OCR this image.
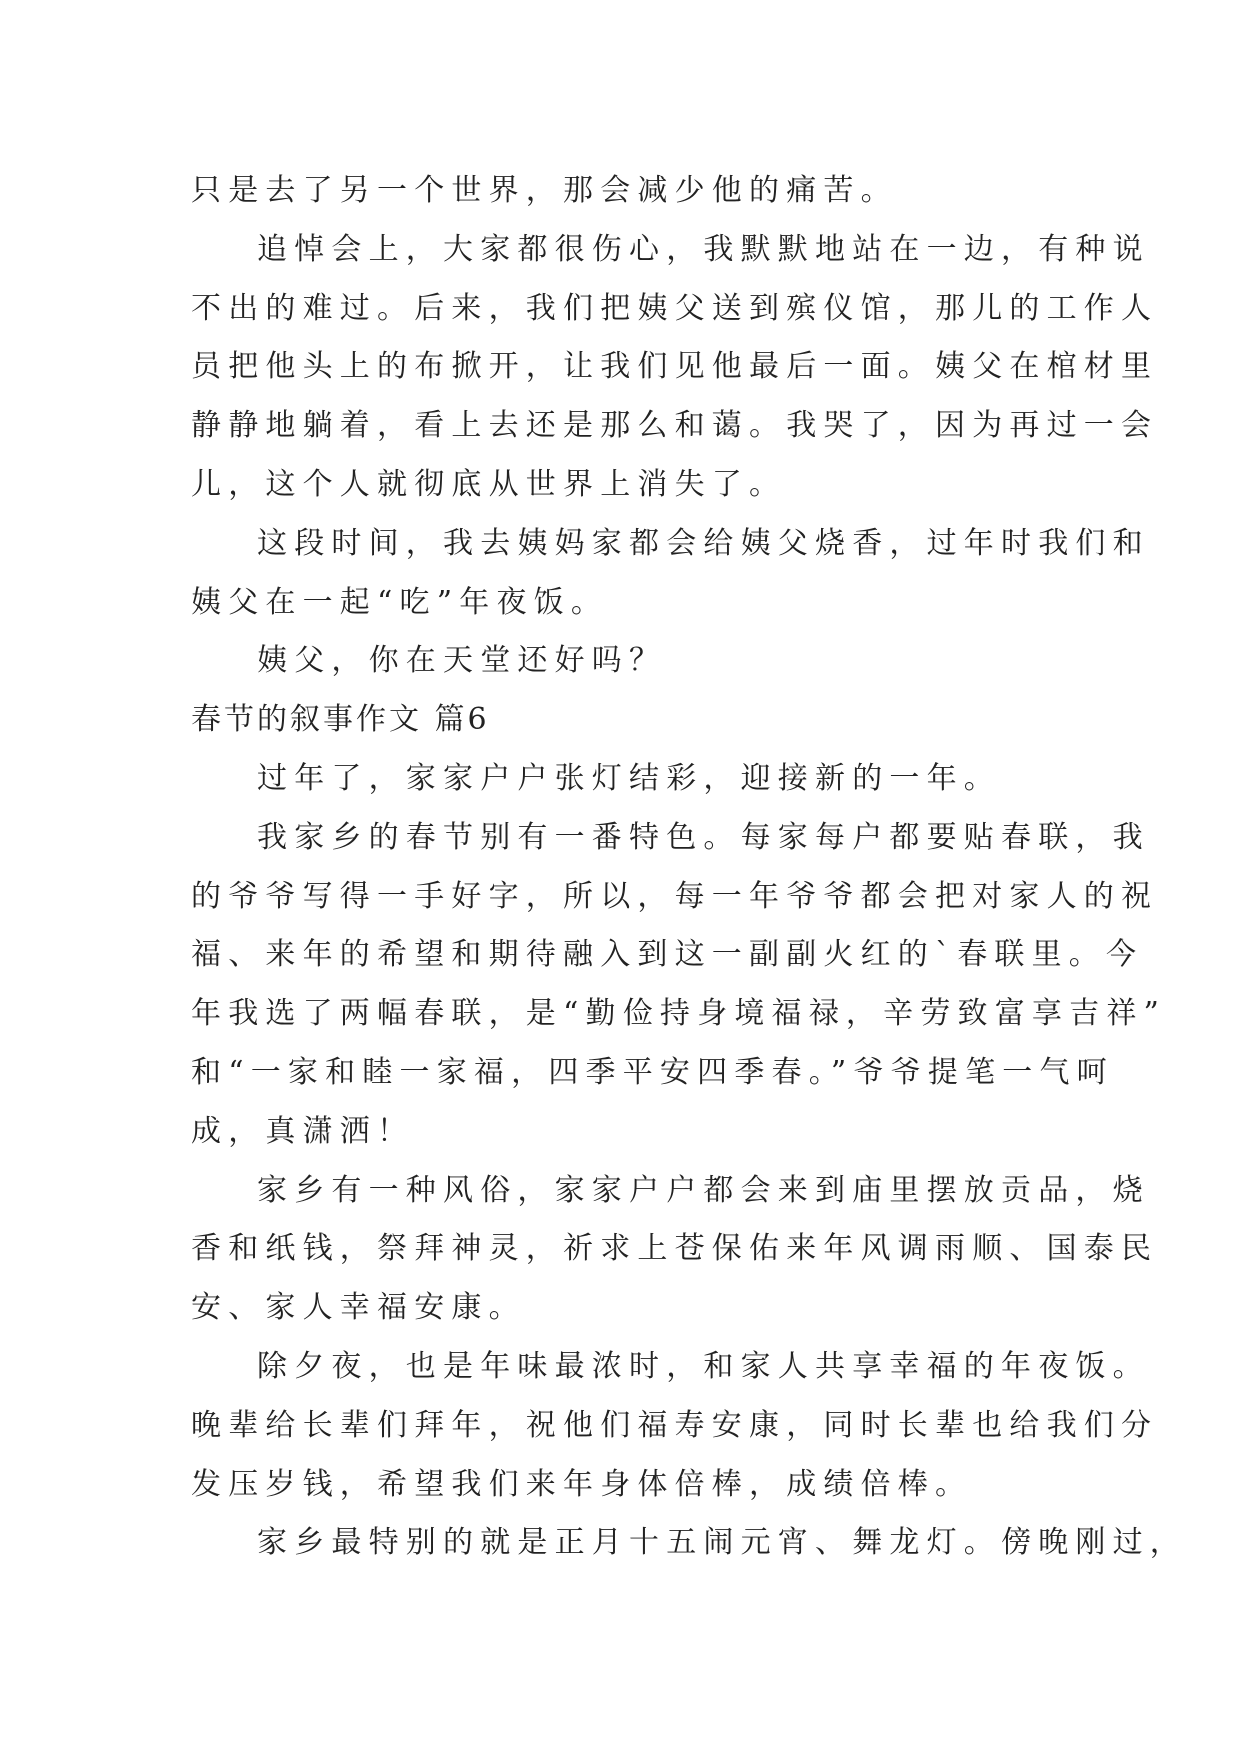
只是去了另一个世界，那会减少他的痛苦。
追悼会上，大家都很伤心，我默默地站在一边，有种说
不出的难过。后来，我们把姨父送到殡仪馆，那儿的工作人
员把他头上的布掀开，让我们见他最后一面。姨父在棺材里
静静地躺着，看上去还是那么和蔼。我哭了，因为再过一会
儿，这个人就彻底从世界上消失了。
这段时间，我去姨妈家都会给姨父烧香，过年时我们和
姨父在一起“吃”年夜饭。
姨父，你在天堂还好吗？
春节的叙事作文 篇6
过年了，家家户户张灯结彩，迎接新的一年。
我家乡的春节别有一番特色。每家每户都要贴春联，我
的爷爷写得一手好字，所以，每一年爷爷都会把对家人的祝
福、来年的希望和期待融入到这一副副火红的`春联里。今
年我选了两幅春联，是“勤俭持身境福禄，辛劳致富享吉祥”
和“一家和睦一家福，四季平安四季春。”爷爷提笔一气呵
成，真潇洒！
家乡有一种风俗，家家户户都会来到庙里摆放贡品，烧
香和纸钱，祭拜神灵，祈求上苍保佑来年风调雨顺、国泰民
安、家人幸福安康。
除夕夜，也是年味最浓时，和家人共享幸福的年夜饭。
晚辈给长辈们拜年，祝他们福寿安康，同时长辈也给我们分
发压岁钱，希望我们来年身体倍棒，成绩倍棒。
家乡最特别的就是正月十五闹元宵、舞龙灯。傍晚刚过，
